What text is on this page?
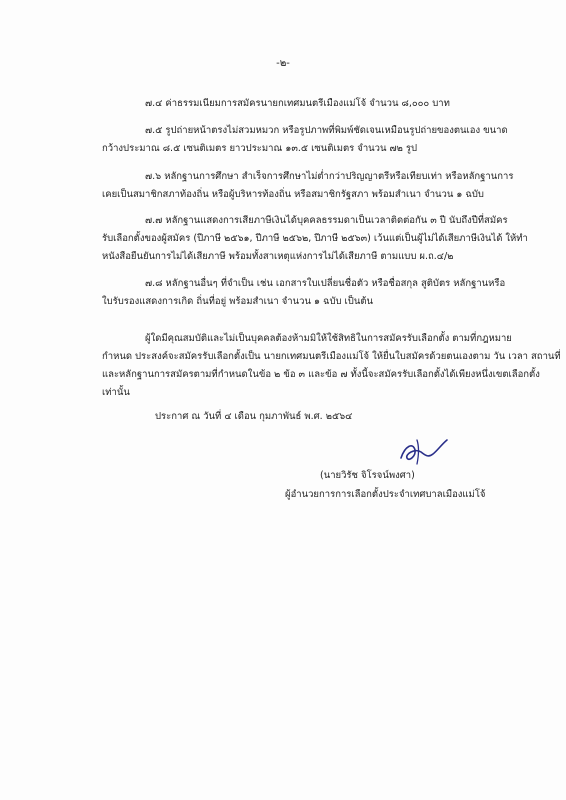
-๒-
๗.๔ ค่าธรรมเนียมการสมัครนายกเทศมนตรีเมืองแม่โจ้ จำนวน ๘,๐๐๐ บาท
๗.๕ รูปถ่ายหน้าตรงไม่สวมหมวก หรือรูปภาพที่พิมพ์ชัดเจนเหมือนรูปถ่ายของตนเอง ขนาด
กว้างประมาณ ๘.๕ เซนติเมตร ยาวประมาณ ๑๓.๕ เซนติเมตร จำนวน ๗๒ รูป
๗.๖ หลักฐานการศึกษา สำเร็จการศึกษาไม่ต่ำกว่าปริญญาตรีหรือเทียบเท่า หรือหลักฐานการ
เคยเป็นสมาชิกสภาท้องถิ่น หรือผู้บริหารท้องถิ่น หรือสมาชิกรัฐสภา พร้อมสำเนา จำนวน ๑ ฉบับ
๗.๗ หลักฐานแสดงการเสียภาษีเงินได้บุคคลธรรมดาเป็นเวลาติดต่อกัน ๓ ปี นับถึงปีที่สมัคร
รับเลือกตั้งของผู้สมัคร (ปีภาษี ๒๕๖๑, ปีภาษี ๒๕๖๒, ปีภาษี ๒๕๖๓) เว้นแต่เป็นผู้ไม่ได้เสียภาษีเงินได้ ให้ทำ
หนังสือยืนยันการไม่ได้เสียภาษี พร้อมทั้งสาเหตุแห่งการไม่ได้เสียภาษี ตามแบบ ผ.ถ.๔/๒
๗.๘ หลักฐานอื่นๆ ที่จำเป็น เช่น เอกสารใบเปลี่ยนชื่อตัว หรือชื่อสกุล สูติบัตร หลักฐานหรือ
ใบรับรองแสดงการเกิด ถิ่นที่อยู่ พร้อมสำเนา จำนวน ๑ ฉบับ เป็นต้น
ผู้ใดมีคุณสมบัติและไม่เป็นบุคคลต้องห้ามมิให้ใช้สิทธิในการสมัครรับเลือกตั้ง ตามที่กฎหมาย
กำหนด ประสงค์จะสมัครรับเลือกตั้งเป็น นายกเทศมนตรีเมืองแม่โจ้ ให้ยื่นใบสมัครด้วยตนเองตาม วัน เวลา สถานที่
และหลักฐานการสมัครตามที่กำหนดในข้อ ๒ ข้อ ๓ และข้อ ๗ ทั้งนี้จะสมัครรับเลือกตั้งได้เพียงหนึ่งเขตเลือกตั้ง
เท่านั้น
ประกาศ ณ วันที่ ๔ เดือน กุมภาพันธ์ พ.ศ. ๒๕๖๔
(นายวิรัช จิโรจน์พงศา)
ผู้อำนวยการการเลือกตั้งประจำเทศบาลเมืองแม่โจ้
